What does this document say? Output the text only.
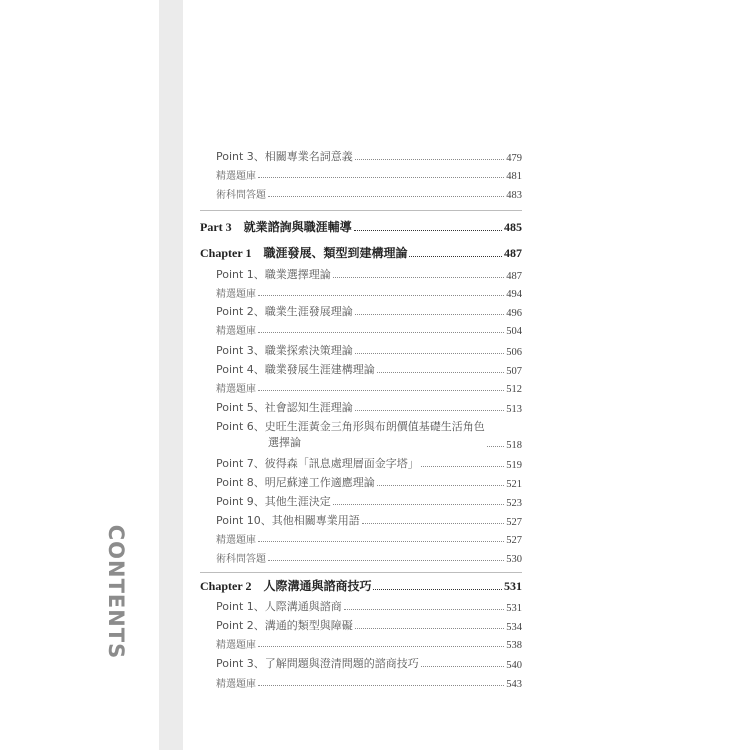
CONTENTS
Point 3、相關專業名詞意義	479
精選題庫	481
術科問答題	483
Part 3　就業諮詢與職涯輔導	485
Chapter 1　職涯發展、類型到建構理論	487
Point 1、職業選擇理論	487
精選題庫	494
Point 2、職業生涯發展理論	496
精選題庫	504
Point 3、職業探索決策理論	506
Point 4、職業發展生涯建構理論	507
精選題庫	512
Point 5、社會認知生涯理論	513
Point 6、史旺生涯黃金三角形與布朗價值基礎生活角色
選擇論	518
Point 7、彼得森「訊息處理層面金字塔」	519
Point 8、明尼蘇達工作適應理論	521
Point 9、其他生涯決定	523
Point 10、其他相關專業用語	527
精選題庫	527
術科問答題	530
Chapter 2　人際溝通與諮商技巧	531
Point 1、人際溝通與諮商	531
Point 2、溝通的類型與障礙	534
精選題庫	538
Point 3、了解問題與澄清問題的諮商技巧	540
精選題庫	543
